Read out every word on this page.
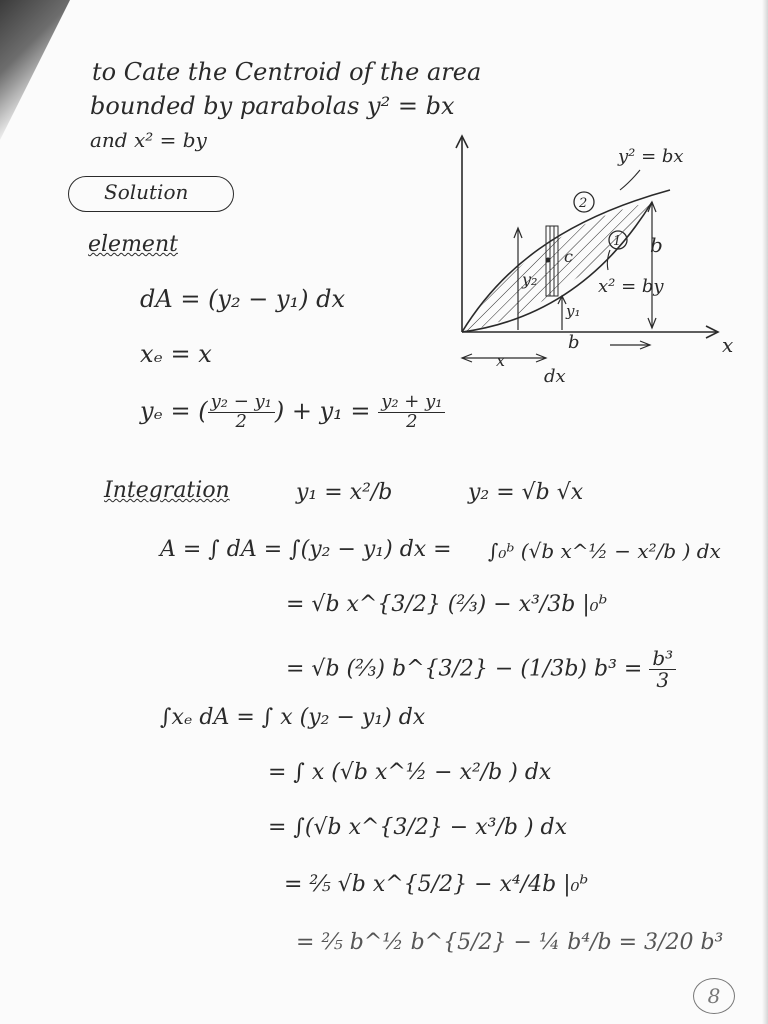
to Cate the Centroid of the area
bounded by parabolas y² = bx
and x² = by
Solution
element
dA = (y₂ − y₁) dx
xₑ = x
yₑ = ( $\frac{\text{y₂ − y₁}}{2}$ ) + $y_1 = \frac{\text{y₂ + y₁}}{2}$
y₂
y₁
c	b
2
1
y² = bx
x² = by
b	x
x
dx
Integration	y₁ = x²/b	y₂ = √b √x
A = ∫ dA = ∫(y₂ − y₁) dx = ∫₀ᵇ (√b x^½ − x²/b ) dx
= √b x^{3/2} (⅔) − x³/3b |₀ᵇ
= √b (⅔) b^{3/2} − (1/3b) $b^3 = \frac{\text{b³}}{3}$
∫xₑ dA = ∫ x (y₂ − y₁) dx
= ∫ x (√b x^½ − x²/b ) dx
= ∫(√b x^{3/2} − x³/b ) dx
= ⅖ √b x^{5/2} − x⁴/4b |₀ᵇ
= ⅖ b^½ b^{5/2} − ¼ b⁴/b = 3/20 b³
8
